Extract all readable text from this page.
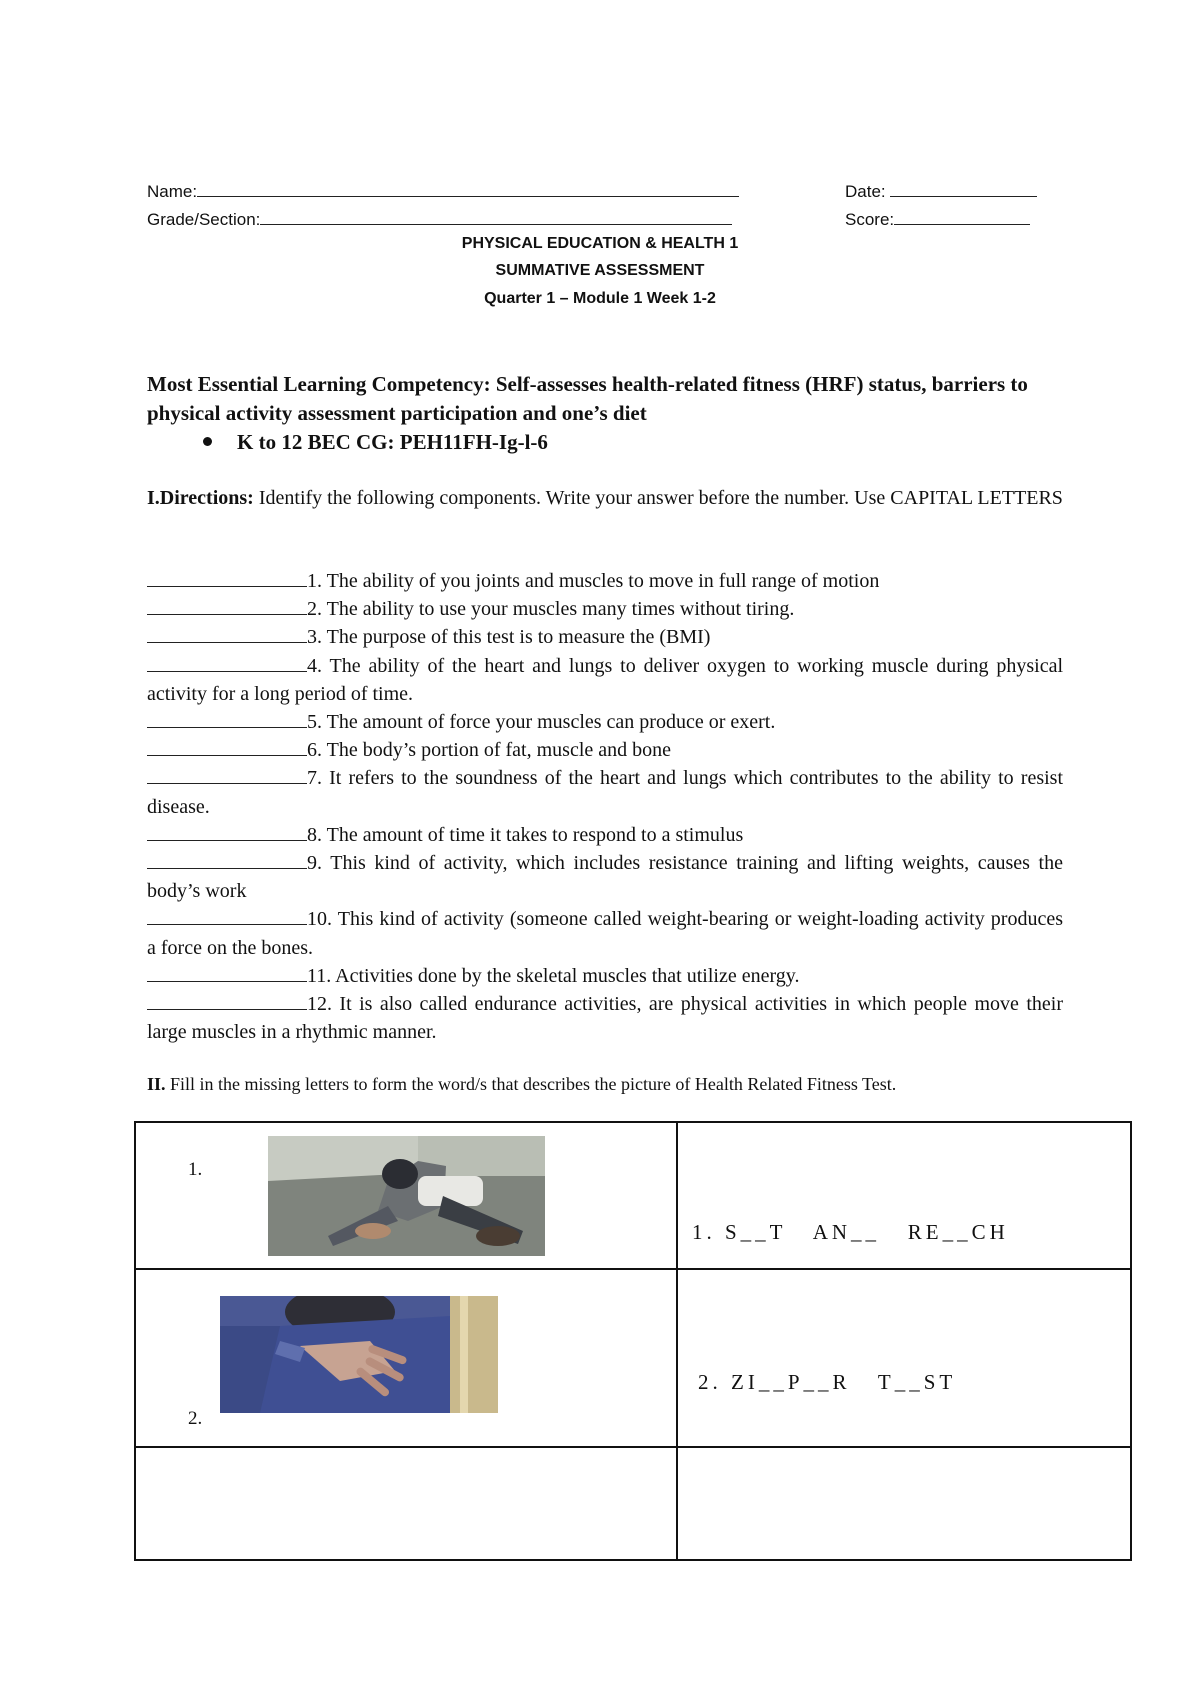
Name:	Date:
Grade/Section:	Score:
PHYSICAL EDUCATION & HEALTH 1
SUMMATIVE ASSESSMENT
Quarter 1 – Module 1 Week 1-2
Most Essential Learning Competency: Self-assesses health-related fitness (HRF) status, barriers to physical activity assessment participation and one’s diet
K to 12 BEC CG: PEH11FH-Ig-l-6
I.Directions: Identify the following components. Write your answer before the number. Use CAPITAL LETTERS
1. The ability of you joints and muscles to move in full range of motion
2. The ability to use your muscles many times without tiring.
3. The purpose of this test is to measure the (BMI)
4. The ability of the heart and lungs to deliver oxygen to working muscle during physical activity for a long period of time.
5. The amount of force your muscles can produce or exert.
6. The body’s portion of fat, muscle and bone
7. It refers to the soundness of the heart and lungs which contributes to the ability to resist disease.
8. The amount of time it takes to respond to a stimulus
9. This kind of activity, which includes resistance training and lifting weights, causes the body’s work
10. This kind of activity (someone called weight-bearing or weight-loading activity produces a force on the bones.
11. Activities done by the skeletal muscles that utilize energy.
12. It is also called endurance activities, are physical activities in which people move their large muscles in a rhythmic manner.
II. Fill in the missing letters to form the word/s that describes the picture of Health Related Fitness Test.
1.	1. S__T   AN__   RE__CH

2.	2. ZI__P__R   T__ST
